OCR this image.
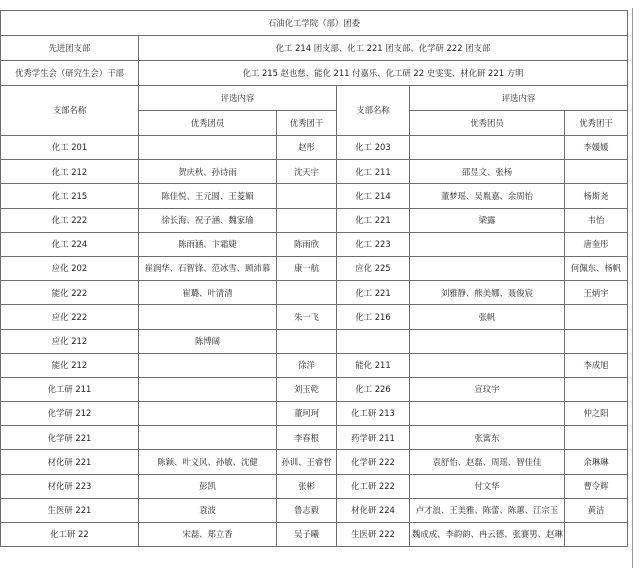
石油化工学院（部）团委					
先进团支部	化工 214 团支部、化工 221 团支部、化学研 222 团支部				
优秀学生会（研究生会）干部	化工 215 赵也慈、能化 211 付嘉乐、化工研 22 史雯雯、材化研 221 方明				
支部名称	评选内容		支部名称	评选内容	
	优秀团员	优秀团干		优秀团员	优秀团干
化工 201		赵彤	化工 203		李媛媛
化工 212	贺庆秋、孙诗雨	沈天宇	化工 211	邵昱文、张杨	
化工 215	陈佳悦、王元圆、王菱媚		化工 214	董梦瑶、吴胤嘉、余周怡	杨斯尧
化工 222	徐长海、祝子涵、魏家瑜		化工 221	梁露	韦怡
化工 224	陈雨涵、卞霜婕	陈雨欣	化工 223		唐奎彤
应化 202	崔润华、石智锋、范冰雪、顾沛慕	康一航	应化 225		何佩东、杨帆
能化 222	崔璐、叶清清		化工 221	刘雅静、熊美娜、聂俊宸	王炳宇
应化 222		朱一飞	化工 216	张帆	
应化 212	陈博阔				
能化 212		徐洋	能化 211		李成旭
化工研 211		刘玉乾	化工 226	宣玟宇	
化学研 212		董珂珂	化工研 213		仲之阳
化学研 221		李春根	药学研 211	张寓东	
材化研 221	陈颖、叶义风、孙敏、沈健	孙训、王睿哲	化学研 222	袁舒怡、赵磊、周瑶、智佳佳	余琳琳
材化研 223	彭凯	张彬	化工研 222	付文华	曹令辉
生医研 221	袁波	鲁志毅	材化研 224	卢才浪、王美雅、陈蕾、陈蕙、江宗玉	黄洁
化工研 22	宋磊、郑立香	吴子曦	生医研 222	魏成成、李韵韵、冉云德、张赛男、赵琳	
